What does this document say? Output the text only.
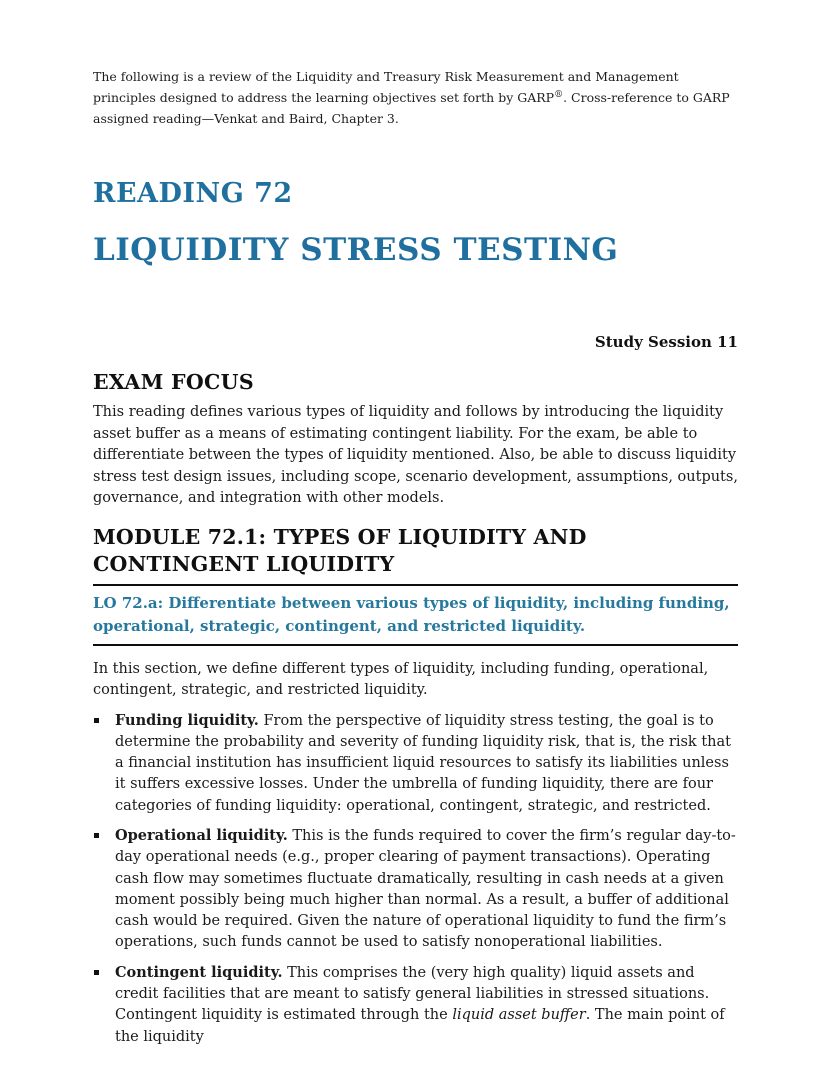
The following is a review of the Liquidity and Treasury Risk Measurement and Management principles designed to address the learning objectives set forth by GARP®. Cross-reference to GARP assigned reading—Venkat and Baird, Chapter 3.

READING 72
LIQUIDITY STRESS TESTING
Study Session 11
EXAM FOCUS

This reading defines various types of liquidity and follows by introducing the liquidity asset buffer as a means of estimating contingent liability. For the exam, be able to differentiate between the types of liquidity mentioned. Also, be able to discuss liquidity stress test design issues, including scope, scenario development, assumptions, outputs, governance, and integration with other models.

MODULE 72.1: TYPES OF LIQUIDITY AND CONTINGENT LIQUIDITY

LO 72.a: Differentiate between various types of liquidity, including funding, operational, strategic, contingent, and restricted liquidity.

In this section, we define different types of liquidity, including funding, operational, contingent, strategic, and restricted liquidity.

Funding liquidity. From the perspective of liquidity stress testing, the goal is to determine the probability and severity of funding liquidity risk, that is, the risk that a financial institution has insufficient liquid resources to satisfy its liabilities unless it suffers excessive losses. Under the umbrella of funding liquidity, there are four categories of funding liquidity: operational, contingent, strategic, and restricted.
Operational liquidity. This is the funds required to cover the firm’s regular day-to-day operational needs (e.g., proper clearing of payment transactions). Operating cash flow may sometimes fluctuate dramatically, resulting in cash needs at a given moment possibly being much higher than normal. As a result, a buffer of additional cash would be required. Given the nature of operational liquidity to fund the firm’s operations, such funds cannot be used to satisfy nonoperational liabilities.
Contingent liquidity. This comprises the (very high quality) liquid assets and credit facilities that are meant to satisfy general liabilities in stressed situations. Contingent liquidity is estimated through the liquid asset buffer. The main point of the liquidity
